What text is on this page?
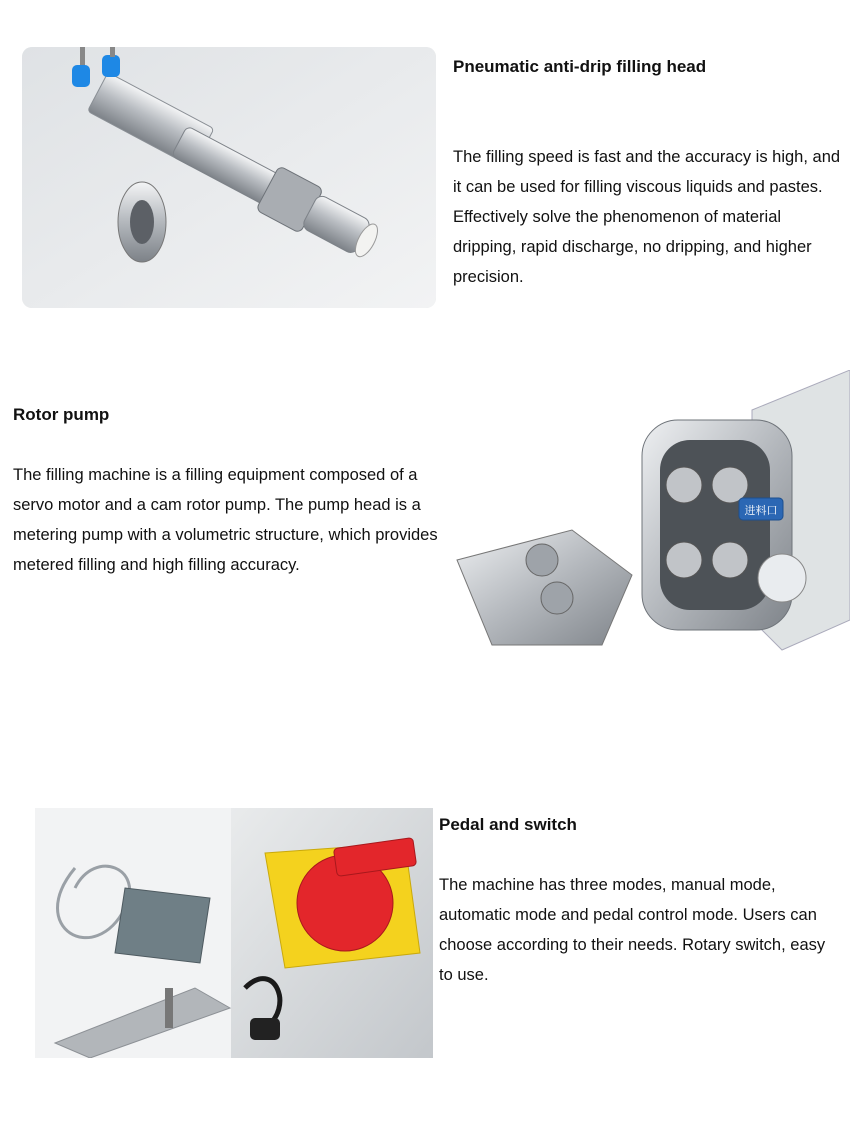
Pneumatic anti-drip filling head

The filling speed is fast and the accuracy is high, and it can be used for filling viscous liquids and pastes. Effectively solve the phenomenon of material dripping, rapid discharge, no dripping, and higher precision.

Rotor pump

The filling machine is a filling equipment composed of a servo motor and a cam rotor pump. The pump head is a metering pump with a volumetric structure, which provides metered filling and high filling accuracy.

进料口
Pedal and switch

The machine has three modes, manual mode, automatic mode and pedal control mode. Users can choose according to their needs. Rotary switch, easy to use.
